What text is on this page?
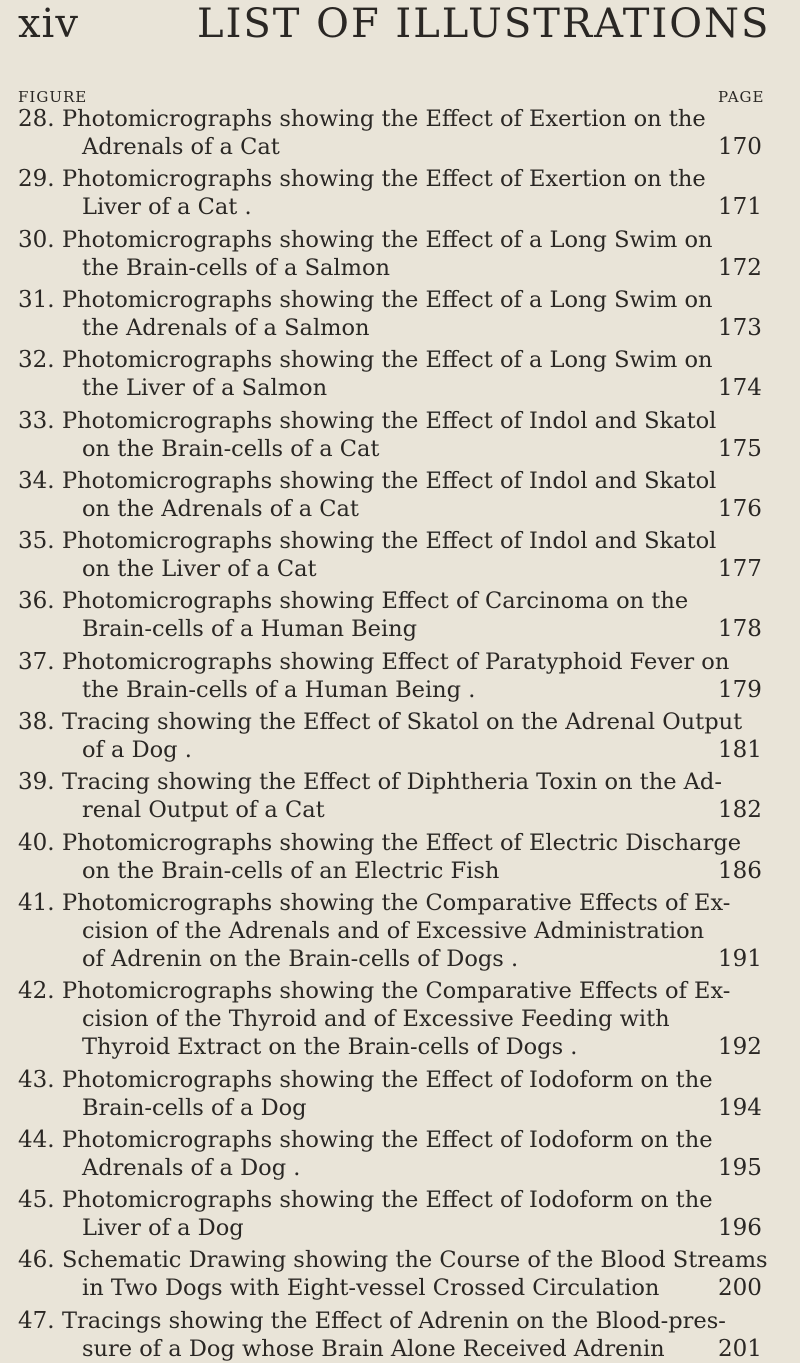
xiv	LIST OF ILLUSTRATIONS
FIGURE	PAGE
28. Photomicrographs showing the Effect of Exertion on the
Adrenals of a Cat	170
29. Photomicrographs showing the Effect of Exertion on the
Liver of a Cat .	171
30. Photomicrographs showing the Effect of a Long Swim on
the Brain-cells of a Salmon	172
31. Photomicrographs showing the Effect of a Long Swim on
the Adrenals of a Salmon	173
32. Photomicrographs showing the Effect of a Long Swim on
the Liver of a Salmon	174
33. Photomicrographs showing the Effect of Indol and Skatol
on the Brain-cells of a Cat	175
34. Photomicrographs showing the Effect of Indol and Skatol
on the Adrenals of a Cat	176
35. Photomicrographs showing the Effect of Indol and Skatol
on the Liver of a Cat	177
36. Photomicrographs showing Effect of Carcinoma on the
Brain-cells of a Human Being	178
37. Photomicrographs showing Effect of Paratyphoid Fever on
the Brain-cells of a Human Being .	179
38. Tracing showing the Effect of Skatol on the Adrenal Output
of a Dog .	181
39. Tracing showing the Effect of Diphtheria Toxin on the Ad-
renal Output of a Cat	182
40. Photomicrographs showing the Effect of Electric Discharge
on the Brain-cells of an Electric Fish	186
41. Photomicrographs showing the Comparative Effects of Ex-
cision of the Adrenals and of Excessive Administration
of Adrenin on the Brain-cells of Dogs .	191
42. Photomicrographs showing the Comparative Effects of Ex-
cision of the Thyroid and of Excessive Feeding with
Thyroid Extract on the Brain-cells of Dogs .	192
43. Photomicrographs showing the Effect of Iodoform on the
Brain-cells of a Dog	194
44. Photomicrographs showing the Effect of Iodoform on the
Adrenals of a Dog .	195
45. Photomicrographs showing the Effect of Iodoform on the
Liver of a Dog	196
46. Schematic Drawing showing the Course of the Blood Streams
in Two Dogs with Eight-vessel Crossed Circulation	200
47. Tracings showing the Effect of Adrenin on the Blood-pres-
sure of a Dog whose Brain Alone Received Adrenin	201
